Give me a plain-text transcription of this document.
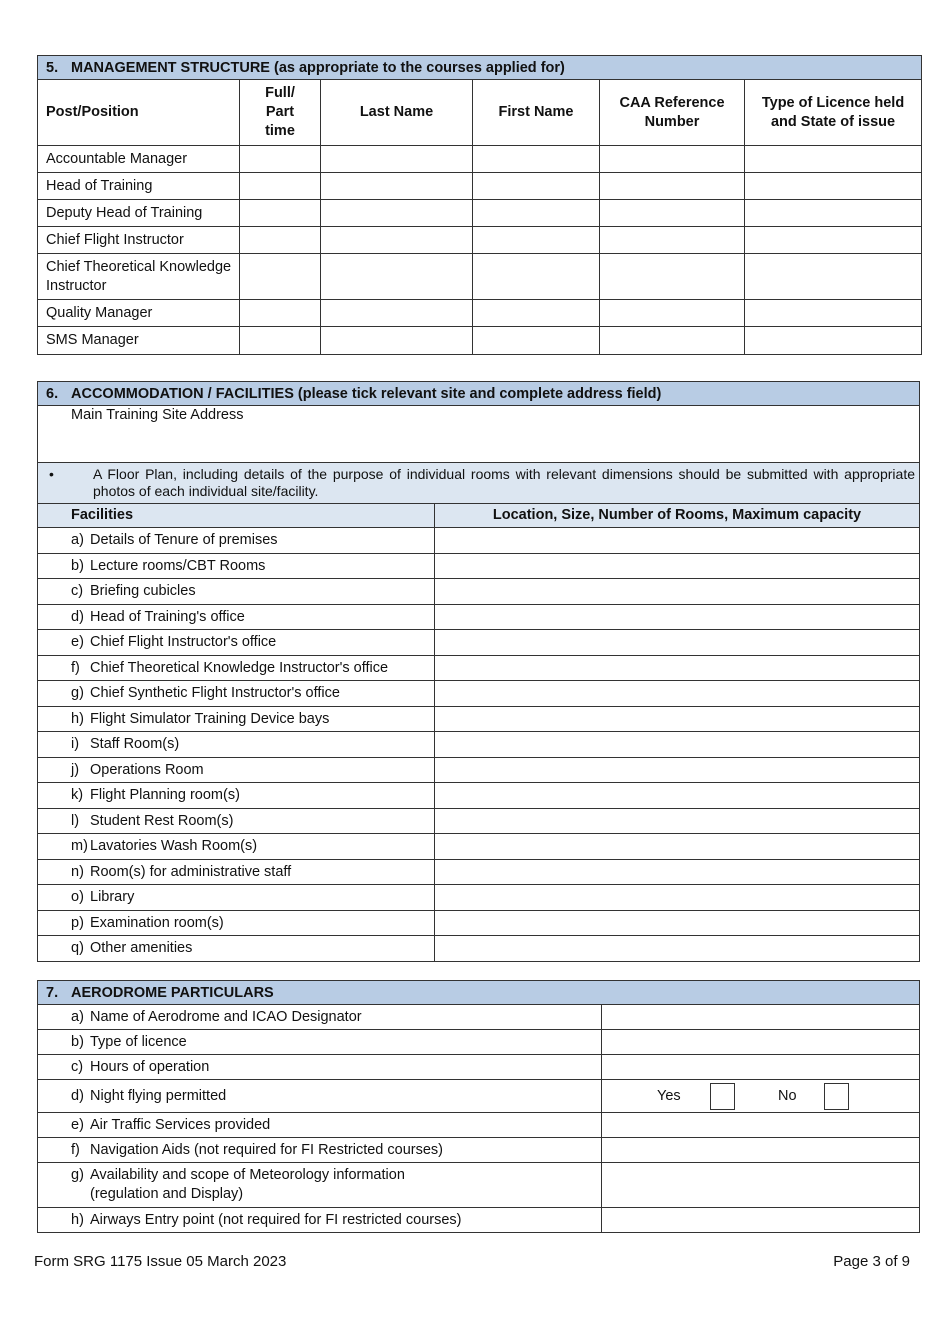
5. MANAGEMENT STRUCTURE (as appropriate to the courses applied for)					
Post/Position	Full/ Part time	Last Name	First Name	CAA Reference Number	Type of Licence held and State of issue
Accountable Manager					
Head of Training					
Deputy Head of Training					
Chief Flight Instructor					
Chief Theoretical Knowledge Instructor					
Quality Manager					
SMS Manager					
6. ACCOMMODATION / FACILITIES (please tick relevant site and complete address field)	
Main Training Site Address	

• A Floor Plan, including details of the purpose of individual rooms with relevant dimensions should be submitted with appropriate photos of each individual site/facility.	

Facilities	Location, Size, Number of Rooms, Maximum capacity
a) Details of Tenure of premises	
b) Lecture rooms/CBT Rooms	
c) Briefing cubicles	
d) Head of Training's office	
e) Chief Flight Instructor's office	
f) Chief Theoretical Knowledge Instructor's office	
g) Chief Synthetic Flight Instructor's office	
h) Flight Simulator Training Device bays	
i) Staff Room(s)	
j) Operations Room	
k) Flight Planning room(s)	
l) Student Rest Room(s)	
m) Lavatories Wash Room(s)	
n) Room(s) for administrative staff	
o) Library	
p) Examination room(s)	
q) Other amenities	
7. AERODROME PARTICULARS	
a) Name of Aerodrome and ICAO Designator	
b) Type of licence	
c) Hours of operation	
d) Night flying permitted	Yes No
e) Air Traffic Services provided	
f) Navigation Aids (not required for FI Restricted courses)	
g) Availability and scope of Meteorology information
(regulation and Display)	
h) Airways Entry point (not required for FI restricted courses)	
Form SRG 1175 Issue 05 March 2023	Page 3 of 9
